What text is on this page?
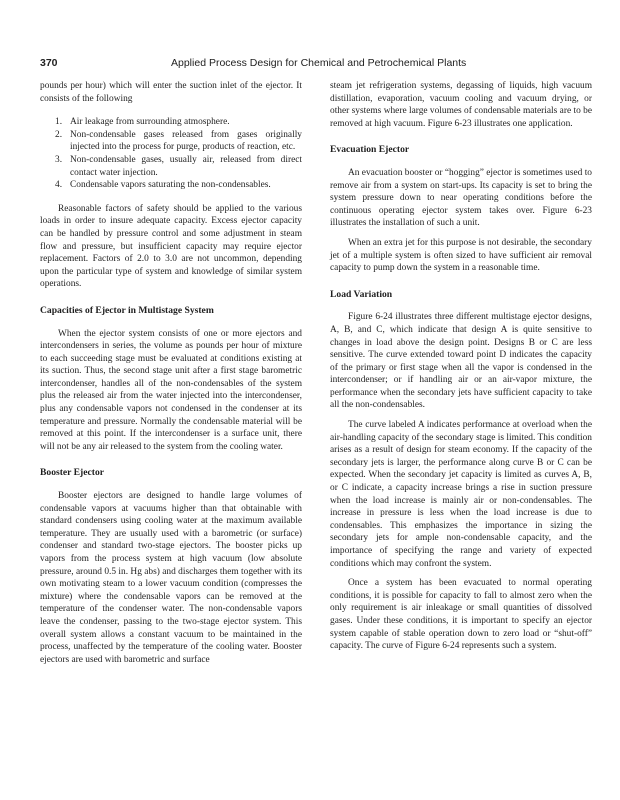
370	Applied Process Design for Chemical and Petrochemical Plants

pounds per hour) which will enter the suction inlet of the ejector. It consists of the following

1. Air leakage from surrounding atmosphere.
2. Non-condensable gases released from gases originally injected into the process for purge, products of reaction, etc.
3. Non-condensable gases, usually air, released from direct contact water injection.
4. Condensable vapors saturating the non-condensables.

Reasonable factors of safety should be applied to the various loads in order to insure adequate capacity. Excess ejector capacity can be handled by pressure control and some adjustment in steam flow and pressure, but insufficient capacity may require ejector replacement. Factors of 2.0 to 3.0 are not uncommon, depending upon the particular type of system and knowledge of similar system operations.

Capacities of Ejector in Multistage System

When the ejector system consists of one or more ejectors and intercondensers in series, the volume as pounds per hour of mixture to each succeeding stage must be evaluated at conditions existing at its suction. Thus, the second stage unit after a first stage barometric intercondenser, handles all of the non-condensables of the system plus the released air from the water injected into the intercondenser, plus any condensable vapors not condensed in the condenser at its temperature and pressure. Normally the condensable material will be removed at this point. If the intercondenser is a surface unit, there will not be any air released to the system from the cooling water.

Booster Ejector

Booster ejectors are designed to handle large volumes of condensable vapors at vacuums higher than that obtainable with standard condensers using cooling water at the maximum available temperature. They are usually used with a barometric (or surface) condenser and standard two-stage ejectors. The booster picks up vapors from the process system at high vacuum (low absolute pressure, around 0.5 in. Hg abs) and discharges them together with its own motivating steam to a lower vacuum condition (compresses the mixture) where the condensable vapors can be removed at the temperature of the condenser water. The non-condensable vapors leave the condenser, passing to the two-stage ejector system. This overall system allows a constant vacuum to be maintained in the process, unaffected by the temperature of the cooling water. Booster ejectors are used with barometric and surface

steam jet refrigeration systems, degassing of liquids, high vacuum distillation, evaporation, vacuum cooling and vacuum drying, or other systems where large volumes of condensable materials are to be removed at high vacuum. Figure 6-23 illustrates one application.

Evacuation Ejector

An evacuation booster or “hogging” ejector is sometimes used to remove air from a system on start-ups. Its capacity is set to bring the system pressure down to near operating conditions before the continuous operating ejector system takes over. Figure 6-23 illustrates the installation of such a unit.

When an extra jet for this purpose is not desirable, the secondary jet of a multiple system is often sized to have sufficient air removal capacity to pump down the system in a reasonable time.

Load Variation

Figure 6-24 illustrates three different multistage ejector designs, A, B, and C, which indicate that design A is quite sensitive to changes in load above the design point. Designs B or C are less sensitive. The curve extended toward point D indicates the capacity of the primary or first stage when all the vapor is condensed in the intercondenser; or if handling air or an air-vapor mixture, the performance when the secondary jets have sufficient capacity to take all the non-condensables.

The curve labeled A indicates performance at overload when the air-handling capacity of the secondary stage is limited. This condition arises as a result of design for steam economy. If the capacity of the secondary jets is larger, the performance along curve B or C can be expected. When the secondary jet capacity is limited as curves A, B, or C indicate, a capacity increase brings a rise in suction pressure when the load increase is mainly air or non-condensables. The increase in pressure is less when the load increase is due to condensables. This emphasizes the importance in sizing the secondary jets for ample non-condensable capacity, and the importance of specifying the range and variety of expected conditions which may confront the system.

Once a system has been evacuated to normal operating conditions, it is possible for capacity to fall to almost zero when the only requirement is air inleakage or small quantities of dissolved gases. Under these conditions, it is important to specify an ejector system capable of stable operation down to zero load or “shut-off” capacity. The curve of Figure 6-24 represents such a system.
